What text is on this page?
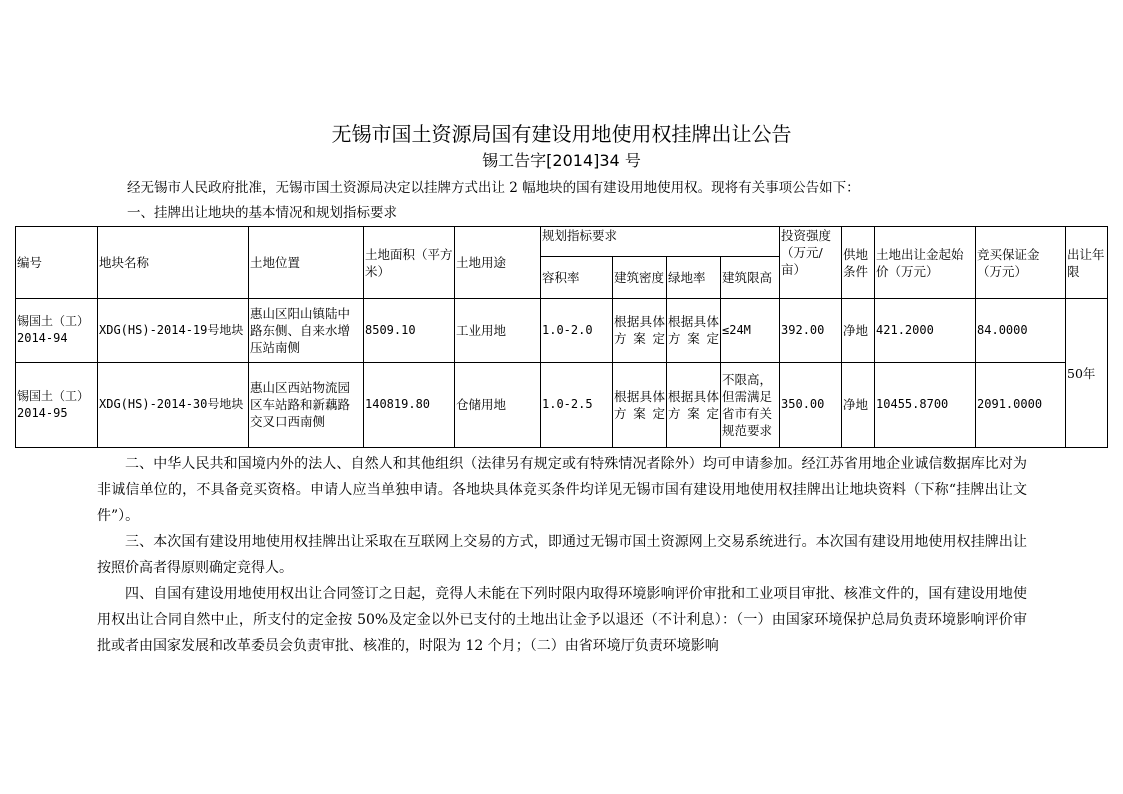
无锡市国土资源局国有建设用地使用权挂牌出让公告
锡工告字[2014]34 号
经无锡市人民政府批准，无锡市国土资源局决定以挂牌方式出让 2 幅地块的国有建设用地使用权。现将有关事项公告如下：
一、挂牌出让地块的基本情况和规划指标要求
编号	地块名称	土地位置	土地面积（平方米）	土地用途	规划指标要求				投资强度（万元/亩）	供地条件	土地出让金起始价（万元）	竞买保证金（万元）	出让年限
					容积率	建筑密度	绿地率	建筑限高					
锡国土（工）2014-94	XDG(HS)-2014-19号地块	惠山区阳山镇陆中路东侧、自来水增压站南侧	8509.10	工业用地	1.0-2.0	根据具体方案定	根据具体方案定	≤24M	392.00	净地	421.2000	84.0000	50年
锡国土（工）2014-95	XDG(HS)-2014-30号地块	惠山区西站物流园区车站路和新藕路交叉口西南侧	140819.80	仓储用地	1.0-2.5	根据具体方案定	根据具体方案定	不限高，但需满足省市有关规范要求	350.00	净地	10455.8700	2091.0000	
二、中华人民共和国境内外的法人、自然人和其他组织（法律另有规定或有特殊情况者除外）均可申请参加。经江苏省用地企业诚信数据库比对为非诚信单位的，不具备竞买资格。申请人应当单独申请。各地块具体竞买条件均详见无锡市国有建设用地使用权挂牌出让地块资料（下称“挂牌出让文件”）。
三、本次国有建设用地使用权挂牌出让采取在互联网上交易的方式，即通过无锡市国土资源网上交易系统进行。本次国有建设用地使用权挂牌出让按照价高者得原则确定竞得人。
四、自国有建设用地使用权出让合同签订之日起，竞得人未能在下列时限内取得环境影响评价审批和工业项目审批、核准文件的，国有建设用地使用权出让合同自然中止，所支付的定金按 50%及定金以外已支付的土地出让金予以退还（不计利息）：（一）由国家环境保护总局负责环境影响评价审批或者由国家发展和改革委员会负责审批、核准的，时限为 12 个月；（二）由省环境厅负责环境影响
